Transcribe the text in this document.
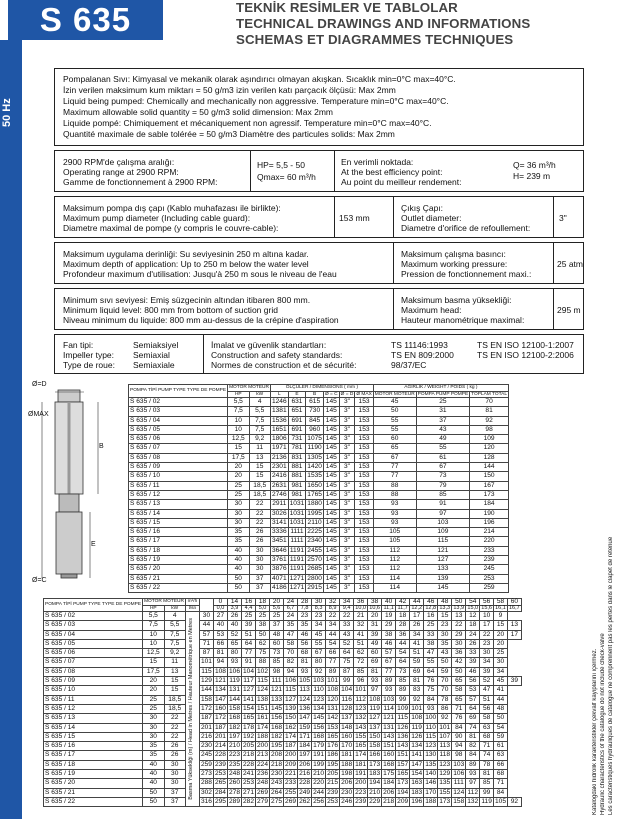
S 635
50 Hz
TEKNİK RESİMLER VE TABLOLAR
TECHNICAL DRAWINGS AND INFORMATIONS
SCHEMAS ET DIAGRAMMES TECHNIQUES
Pompalanan Sıvı: Kimyasal ve mekanik olarak aşındırıcı olmayan akışkan. Sıcaklık min=0°C max=40°C.
İzin verilen maksimum kum miktarı = 50 g/m3 izin verilen katı parçacık ölçüsü: Max 2mm
Liquid being pumped: Chemically and mechanically non aggressive. Temperature min=0°C max=40°C.
Maximum allowable solid quantity = 50 g/m3 solid dimension: Max 2mm
Liquide pompé: Chimiquement et mécaniquement non agressif. Temperature min=0°C max=40°C.
Quantité maximale de sable tolérée = 50 g/m3 Diamètre des particules solids: Max 2mm
2900 RPM'de çalışma aralığı:
Operating range at 2900 RPM:
Gamme de fonctionnement à 2900 RPM:
HP= 5,5 - 50
Qmax= 60 m³/h
En verimli noktada:
At the best efficiency point:
Au point du meilleur rendement:
Q= 36 m³/h
H= 239 m
Maksimum pompa dış çapı (Kablo muhafazası ile birlikte):
Maximum pump diameter (Including cable guard):
Diametre maximal de pompe (y compris le couvre-cable):
153 mm
Çıkış Çapı:
Outlet diameter:
Diametre d'orifice de refoullement:
3"
Maksimum uygulama derinliği: Su seviyesinin 250 m altına kadar.
Maximum depth of application: Up to 250 m below the water level
Profondeur maximum d'utilisation: Jusqu'à 250 m sous le niveau de l'eau
Maksimum çalışma basıncı:
Maximum working pressure:
Pression de fonctionnement maxi.:
25 atm
Minimum sıvı seviyesi: Emiş süzgecinin altından itibaren 800 mm.
Minimum liquid level: 800 mm from bottom of suction grid
Niveau minimum du liquide: 800 mm au-dessus de la crépine d'aspiration
Maksimum basma yüksekliği:
Maximum head:
Hauteur manométrique maximal:
295 m
Fan tipi:
Impeller type:
Type de roue:
Semiaksiyel
Semiaxial
Semiaxiale
İmalat ve güvenlik standartları:
Construction and safety standards:
Normes de construction et de sécurité:
TS 11146:1993
TS EN 809:2000
98/37/EC
TS EN ISO 12100-1:2007
TS EN ISO 12100-2:2006
Ø=D
ØMAX
Ø=C
B
E
POMPA TİPİ PUMP TYPE TYPE DE POMPE	MOTOR MOTEUR		ÖLÇÜLER / DIMENSIONS ( mm )						AĞIRLIK / WEIGHT / POIDS ( kg )		
	HP	kW	L	E	B	Ø = C	Ø = D	Ø MAX	MOTOR MOTEUR	POMPA PUMP POMPE	TOPLAM TOTAL
S 635 / 02	5,5	4	1246	631	615	145	3"	153	45	25	70
S 635 / 03	7,5	5,5	1381	651	730	145	3"	153	50	31	81
S 635 / 04	10	7,5	1536	691	845	145	3"	153	55	37	92
S 635 / 05	10	7,5	1651	691	960	145	3"	153	55	43	98
S 635 / 06	12,5	9,2	1806	731	1075	145	3"	153	60	49	109
S 635 / 07	15	11	1971	781	1190	145	3"	153	65	55	120
S 635 / 08	17,5	13	2136	831	1305	145	3"	153	67	61	128
S 635 / 09	20	15	2301	881	1420	145	3"	153	77	67	144
S 635 / 10	20	15	2416	881	1535	145	3"	153	77	73	150
S 635 / 11	25	18,5	2631	981	1650	145	3"	153	88	79	167
S 635 / 12	25	18,5	2746	981	1765	145	3"	153	88	85	173
S 635 / 13	30	22	2911	1031	1880	145	3"	153	93	91	184
S 635 / 14	30	22	3026	1031	1995	145	3"	153	93	97	190
S 635 / 15	30	22	3141	1031	2110	145	3"	153	93	103	196
S 635 / 16	35	26	3336	1111	2225	145	3"	153	105	109	214
S 635 / 17	35	26	3451	1111	2340	145	3"	153	105	115	220
S 635 / 18	40	30	3646	1191	2455	145	3"	153	112	121	233
S 635 / 19	40	30	3761	1191	2570	145	3"	153	112	127	239
S 635 / 20	40	30	3876	1191	2685	145	3"	153	112	133	245
S 635 / 21	50	37	4071	1271	2800	145	3"	153	114	139	253
S 635 / 22	50	37	4186	1271	2915	145	3"	153	114	145	259
POMPA TİPİ PUMP TYPE TYPE DE POMPE	MOTOR MOTEUR		m³/h		0	14	16	18	20	24	28	30	32	34	36	38	40	42	44	46	48	50	54	56	58	60
	HP	kW	l/sn		0,0	3,9	4,4	5,0	5,6	6,7	7,8	8,3	8,9	9,4	10,0	10,6	11,1	11,7	12,2	12,8	13,3	13,9	15,0	15,6	16,1	16,7
S 635 / 02	5,5	4	Basma Yüksekliği (m) / Head in Metres / Hauteur Manométrique en Metres	30	27	26	25	25	25	24	23	23	22	22	21	20	19	18	17	16	15	13	12	10	9	
S 635 / 03	7,5	5,5		44	40	40	39	38	37	35	35	34	34	33	32	31	29	28	26	25	23	22	18	17	15	13
S 635 / 04	10	7,5		57	53	52	51	50	48	47	46	45	44	43	41	39	38	36	34	33	30	29	24	22	20	17
S 635 / 05	10	7,5		71	66	65	64	62	60	58	56	55	54	52	51	49	46	44	41	38	35	30	26	23	20	
S 635 / 06	12,5	9,2		87	81	80	77	75	73	70	68	67	66	64	62	60	57	54	51	47	43	36	33	30	25	
S 635 / 07	15	11		101	94	93	91	88	85	82	81	80	77	75	72	69	67	64	59	55	50	42	39	34	30	
S 635 / 08	17,5	13		115	108	106	104	102	98	94	93	92	89	87	85	81	77	73	69	64	59	50	46	39	34	
S 635 / 09	20	15		129	121	119	117	115	111	106	105	103	101	99	96	93	89	85	81	76	70	65	56	52	45	39
S 635 / 10	20	15		144	134	131	127	124	121	115	113	110	108	104	101	97	93	89	83	75	70	58	53	47	41	
S 635 / 11	25	18,5		158	147	144	141	138	133	127	124	123	120	116	112	108	103	99	92	84	78	65	57	51	44	
S 635 / 12	25	18,5		172	160	158	154	151	145	139	136	134	131	128	123	119	114	109	101	93	86	71	64	56	48	
S 635 / 13	30	22		187	172	168	165	161	156	150	147	145	142	137	132	127	121	115	108	100	92	76	69	58	50	
S 635 / 14	30	22		201	187	182	178	174	168	162	159	156	153	148	143	137	131	126	119	110	101	84	74	63	54	
S 635 / 15	30	22		216	201	197	192	188	182	174	171	168	165	160	155	150	143	136	126	115	107	90	81	68	59	
S 635 / 16	35	26		230	214	210	205	200	195	187	184	179	176	170	165	158	151	143	134	123	113	94	82	71	61	
S 635 / 17	35	26		245	228	223	218	213	208	200	197	191	186	181	174	166	160	151	141	130	118	98	84	74	63	
S 635 / 18	40	30		259	239	235	228	224	218	209	206	199	195	188	181	173	168	157	147	135	123	103	89	78	66	
S 635 / 19	40	30		273	253	248	241	236	230	221	216	210	205	198	191	183	175	165	154	140	129	106	93	81	68	
S 635 / 20	40	30		288	265	260	253	248	243	233	228	220	215	206	200	194	184	173	163	146	135	111	97	85	71	
S 635 / 21	50	37		302	284	278	271	269	264	255	249	244	239	230	223	210	206	194	183	170	155	124	112	99	84	
S 635 / 22	50	37		316	295	289	282	279	275	269	262	256	253	246	239	229	218	209	196	188	173	158	132	119	105	92	Katalogdaki hidrolik karakteristikler çekvalf kayıplarını içermez. Hydraulic characteristics of the catalogue do not include check-valve Les caractéristiques hydrauliques de catalogue ne comprennent pas les pertes dans le clapet de retenue
